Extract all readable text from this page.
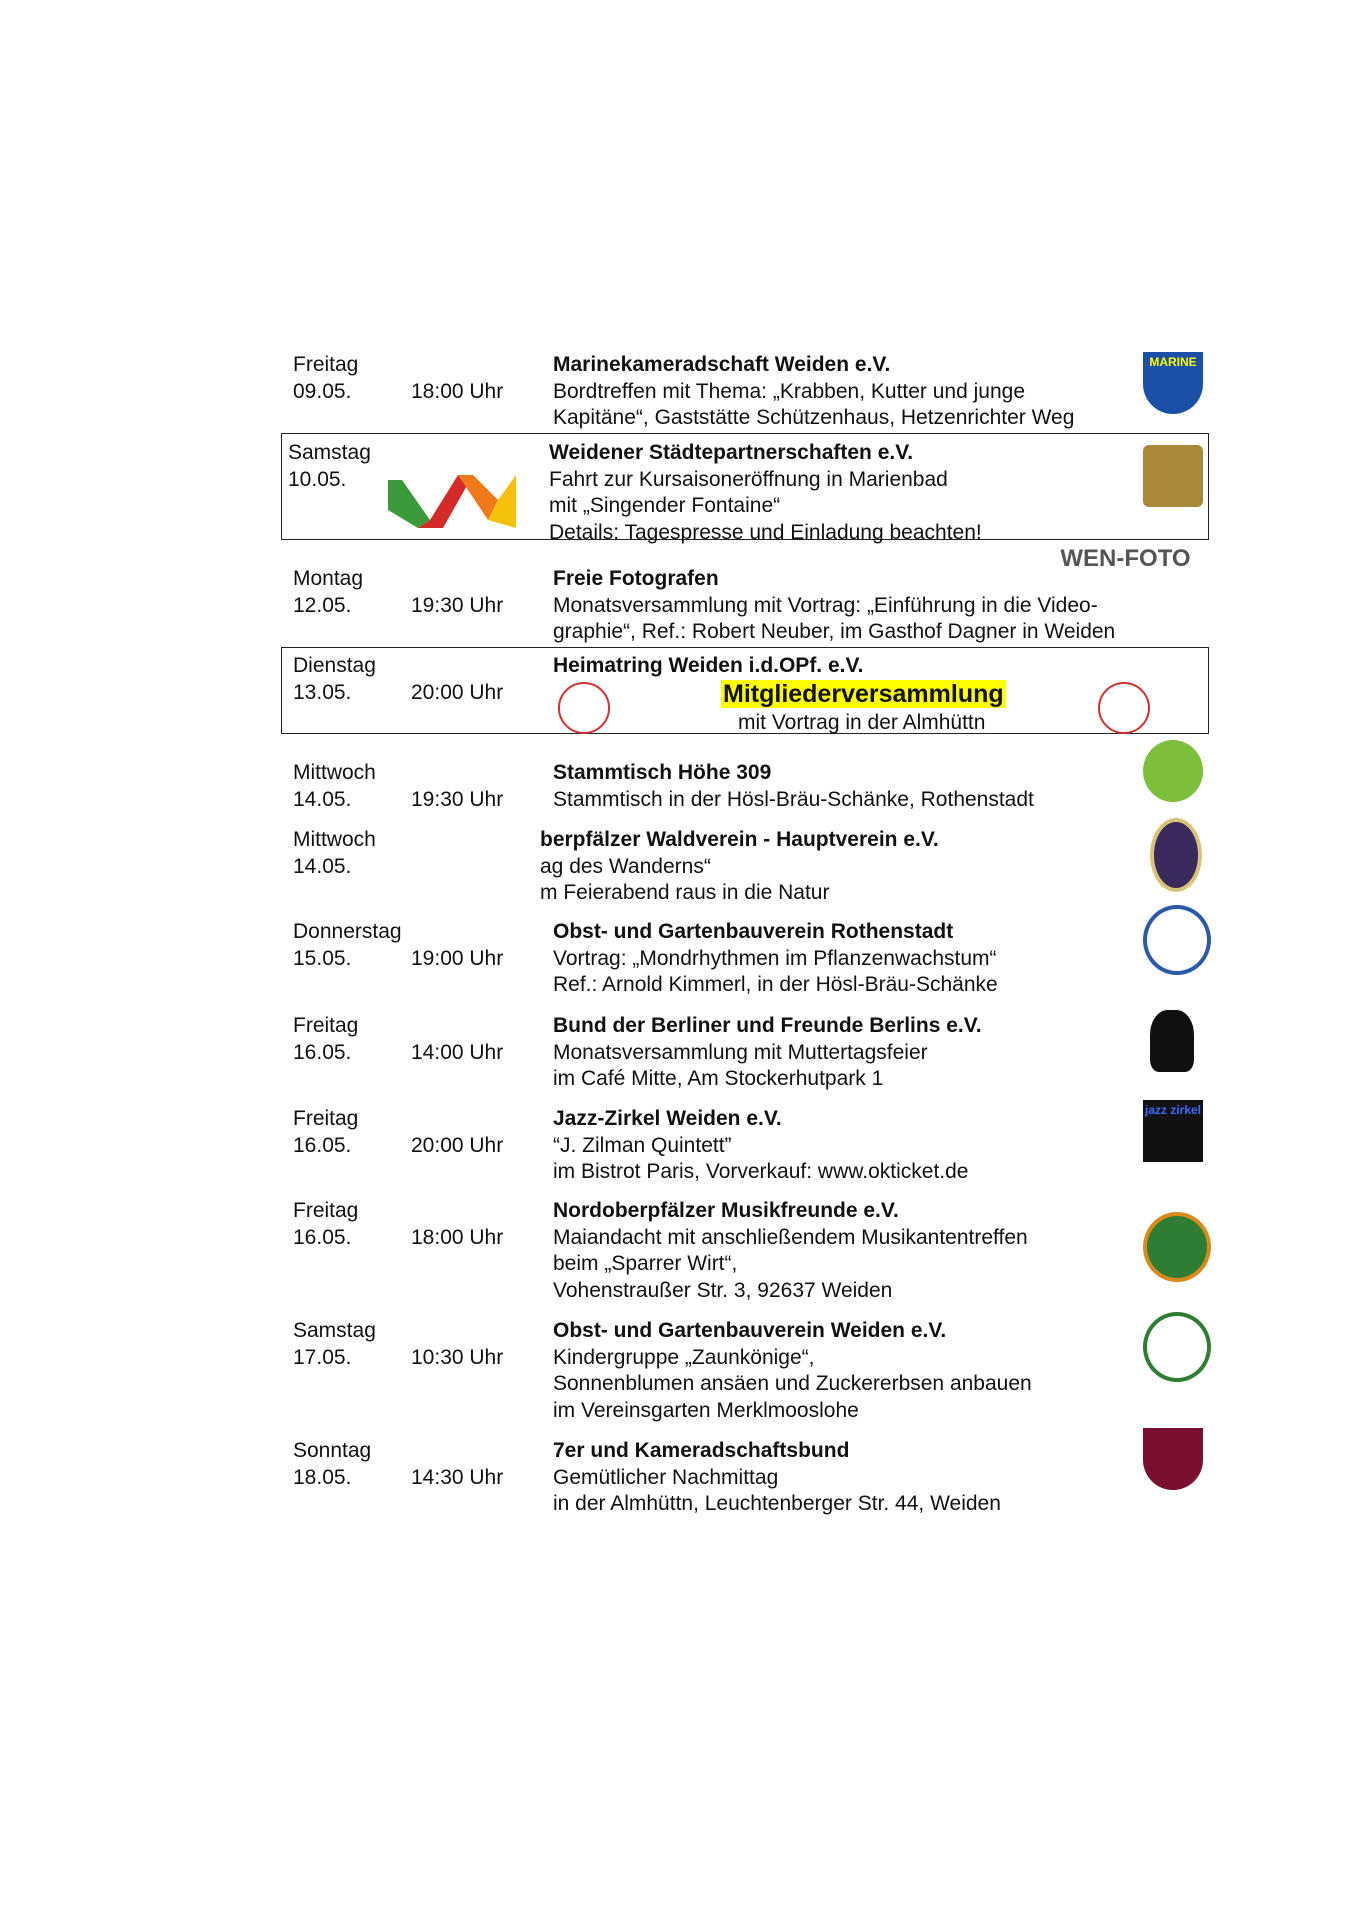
Freitag
09.05.	18:00 Uhr
Marinekameradschaft Weiden e.V.
Bordtreffen mit Thema: „Krabben, Kutter und junge
Kapitäne“, Gaststätte Schützenhaus, Hetzenrichter Weg
MARINE
Samstag
10.05.
Weidener Städtepartnerschaften e.V.
Fahrt zur Kursaisoneröffnung in Marienbad
mit „Singender Fontaine“
Details: Tagespresse und Einladung beachten!
Montag
12.05.	19:30 Uhr
Freie Fotografen
Monatsversammlung mit Vortrag: „Einführung in die Video-
graphie“, Ref.: Robert Neuber, im Gasthof Dagner in Weiden
WEN-FOTO
Dienstag
13.05.	20:00 Uhr
Heimatring Weiden i.d.OPf. e.V.
Mitgliederversammlung
mit Vortrag in der Almhüttn
Mittwoch
14.05.	19:30 Uhr
Stammtisch Höhe 309
Stammtisch in der Hösl-Bräu-Schänke, Rothenstadt
Mittwoch
14.05.
berpfälzer Waldverein - Hauptverein e.V.
ag des Wanderns“
m Feierabend raus in die Natur
Donnerstag
15.05.	19:00 Uhr
Obst- und Gartenbauverein Rothenstadt
Vortrag: „Mondrhythmen im Pflanzenwachstum“
Ref.: Arnold Kimmerl, in der Hösl-Bräu-Schänke
Freitag
16.05.	14:00 Uhr
Bund der Berliner und Freunde Berlins e.V.
Monatsversammlung mit Muttertagsfeier
im Café Mitte, Am Stockerhutpark 1
Freitag
16.05.	20:00 Uhr
Jazz-Zirkel Weiden e.V.
“J. Zilman Quintett”
im Bistrot Paris, Vorverkauf: www.okticket.de
jazz zirkel
Freitag
16.05.	18:00 Uhr
Nordoberpfälzer Musikfreunde e.V.
Maiandacht mit anschließendem Musikantentreffen
beim „Sparrer Wirt“,
Vohenstraußer Str. 3, 92637 Weiden
Samstag
17.05.	10:30 Uhr
Obst- und Gartenbauverein Weiden e.V.
Kindergruppe „Zaunkönige“,
Sonnenblumen ansäen und Zuckererbsen anbauen
im Vereinsgarten Merklmooslohe
Sonntag
18.05.	14:30 Uhr
7er und Kameradschaftsbund
Gemütlicher Nachmittag
in der Almhüttn, Leuchtenberger Str. 44, Weiden
